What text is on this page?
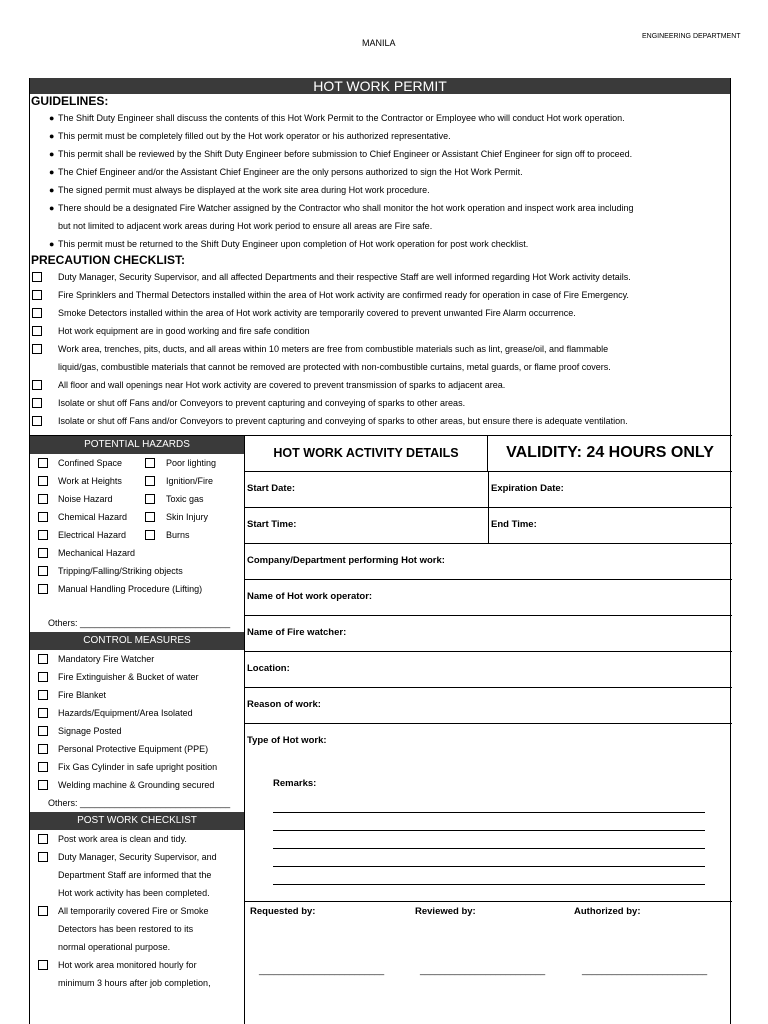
MANILA
ENGINEERING DEPARTMENT
HOT WORK PERMIT
GUIDELINES:
● The Shift Duty Engineer shall discuss the contents of this Hot Work Permit to the Contractor or Employee who will conduct Hot work operation.
● This permit must be completely filled out by the Hot work operator or his authorized representative.
● This permit shall be reviewed by the Shift Duty Engineer before submission to Chief Engineer or Assistant Chief Engineer for sign off to proceed.
● The Chief Engineer and/or the Assistant Chief Engineer are the only persons authorized to sign the Hot Work Permit.
● The signed permit must always be displayed at the work site area during Hot work procedure.
● There should be a designated Fire Watcher assigned by the Contractor who shall monitor the hot work operation and inspect work area including
but not limited to adjacent work areas during Hot work period to ensure all areas are Fire safe.
● This permit must be returned to the Shift Duty Engineer upon completion of Hot work operation for post work checklist.
PRECAUTION CHECKLIST:
Duty Manager, Security Supervisor, and all affected Departments and their respective Staff are well informed regarding Hot Work activity details.
Fire Sprinklers and Thermal Detectors installed within the area of Hot work activity are confirmed ready for operation in case of Fire Emergency.
Smoke Detectors installed within the area of Hot work activity are temporarily covered to prevent unwanted Fire Alarm occurrence.
Hot work equipment are in good working and fire safe condition
Work area, trenches, pits, ducts, and all areas within 10 meters are free from combustible materials such as lint, grease/oil, and flammable
liquid/gas, combustible materials that cannot be removed are protected with non-combustible curtains, metal guards, or flame proof covers.
All floor and wall openings near Hot work activity are covered to prevent transmission of sparks to adjacent area.
Isolate or shut off Fans and/or Conveyors to prevent capturing and conveying of sparks to other areas.
Isolate or shut off Fans and/or Conveyors to prevent capturing and conveying of sparks to other areas, but ensure there is adequate ventilation.
POTENTIAL HAZARDS
Confined Space	Poor lighting
Work at Heights	Ignition/Fire
Noise Hazard	Toxic gas
Chemical Hazard	Skin Injury
Electrical Hazard	Burns
Mechanical Hazard
Tripping/Falling/Striking objects
Manual Handling Procedure (Lifting)
Others: ______________________________
CONTROL MEASURES
Mandatory Fire Watcher
Fire Extinguisher & Bucket of water
Fire Blanket
Hazards/Equipment/Area Isolated
Signage Posted
Personal Protective Equipment (PPE)
Fix Gas Cylinder in safe upright position
Welding machine & Grounding secured
Others: ______________________________
POST WORK CHECKLIST
Post work area is clean and tidy.
Duty Manager, Security Supervisor, and
Department Staff are informed that the
Hot work activity has been completed.
All temporarily covered Fire or Smoke
Detectors has been restored to its
normal operational purpose.
Hot work area monitored hourly for
minimum 3 hours after job completion,
HOT WORK ACTIVITY DETAILS	VALIDITY: 24 HOURS ONLY
Start Date:	Expiration Date:
Start Time:	End Time:
Company/Department performing Hot work:
Name of Hot work operator:
Name of Fire watcher:
Location:
Reason of work:
Type of Hot work:
Remarks:
Requested by:	Reviewed by:	Authorized by:
_________________________	_________________________	_________________________
